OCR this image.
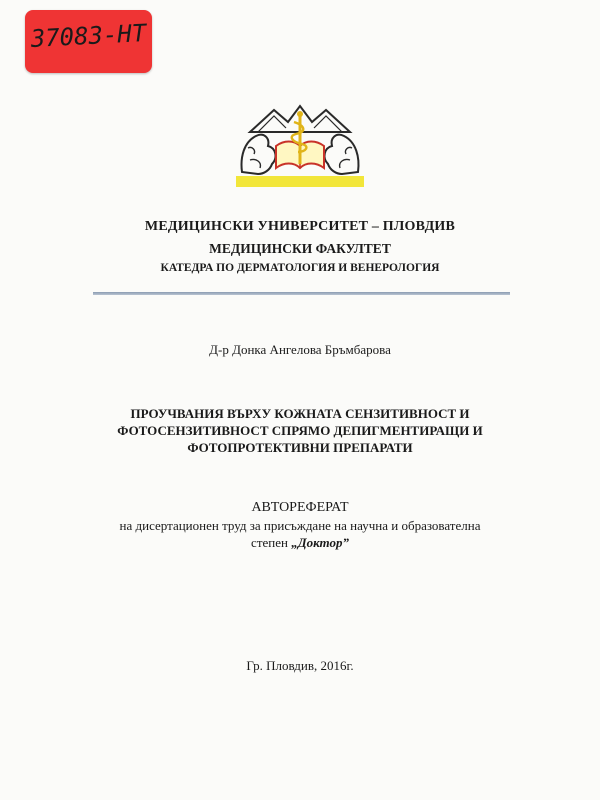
37083-НТ
МЕДИЦИНСКИ УНИВЕРСИТЕТ – ПЛОВДИВ
МЕДИЦИНСКИ ФАКУЛТЕТ
КАТЕДРА ПО ДЕРМАТОЛОГИЯ И ВЕНЕРОЛОГИЯ
Д-р Донка Ангелова Бръмбарова
ПРОУЧВАНИЯ ВЪРХУ КОЖНАТА СЕНЗИТИВНОСТ И
ФОТОСЕНЗИТИВНОСТ СПРЯМО ДЕПИГМЕНТИРАЩИ И
ФОТОПРОТЕКТИВНИ ПРЕПАРАТИ
АВТОРЕФЕРАТ
на дисертационен труд за присъждане на научна и образователна
степен „Доктор”
Гр. Пловдив, 2016г.
